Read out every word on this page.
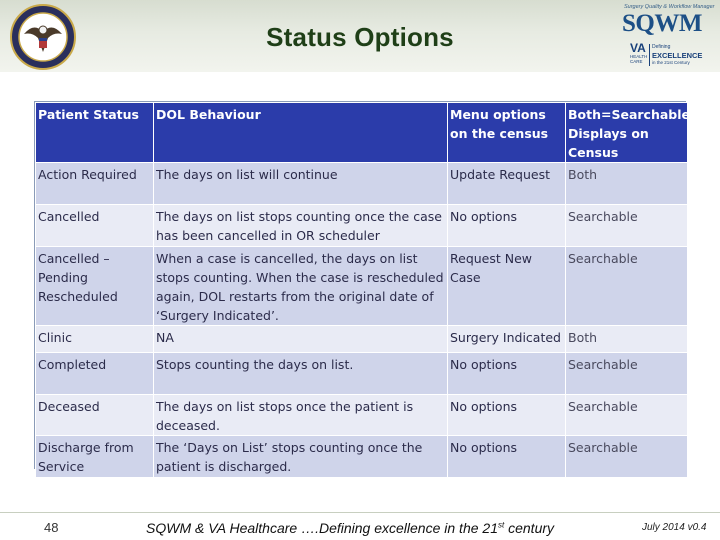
Status Options
Surgery Quality & Workflow Manager
SQWM
VA
HEALTH
CARE
Defining
EXCELLENCE
in the 21st Century
Patient Status	DOL Behaviour	Menu options on the census	Both=Searchable+ Displays on Census
Action Required	The days on list will continue	Update Request	Both
Cancelled	The days on list stops counting once the case has been cancelled in OR scheduler	No options	Searchable
Cancelled – Pending Rescheduled	When a case is cancelled, the days on list stops counting. When the case is rescheduled again, DOL restarts from the original date of ‘Surgery Indicated’.	Request New Case	Searchable
Clinic	NA	Surgery Indicated	Both
Completed	Stops counting the days on list.	No options	Searchable
Deceased	The days on list stops once the patient is deceased.	No options	Searchable
Discharge from Service	The ‘Days on List’ stops counting once the patient is discharged.	No options	Searchable
48	SQWM & VA Healthcare ….Defining excellence in the 21st century	July 2014 v0.4
